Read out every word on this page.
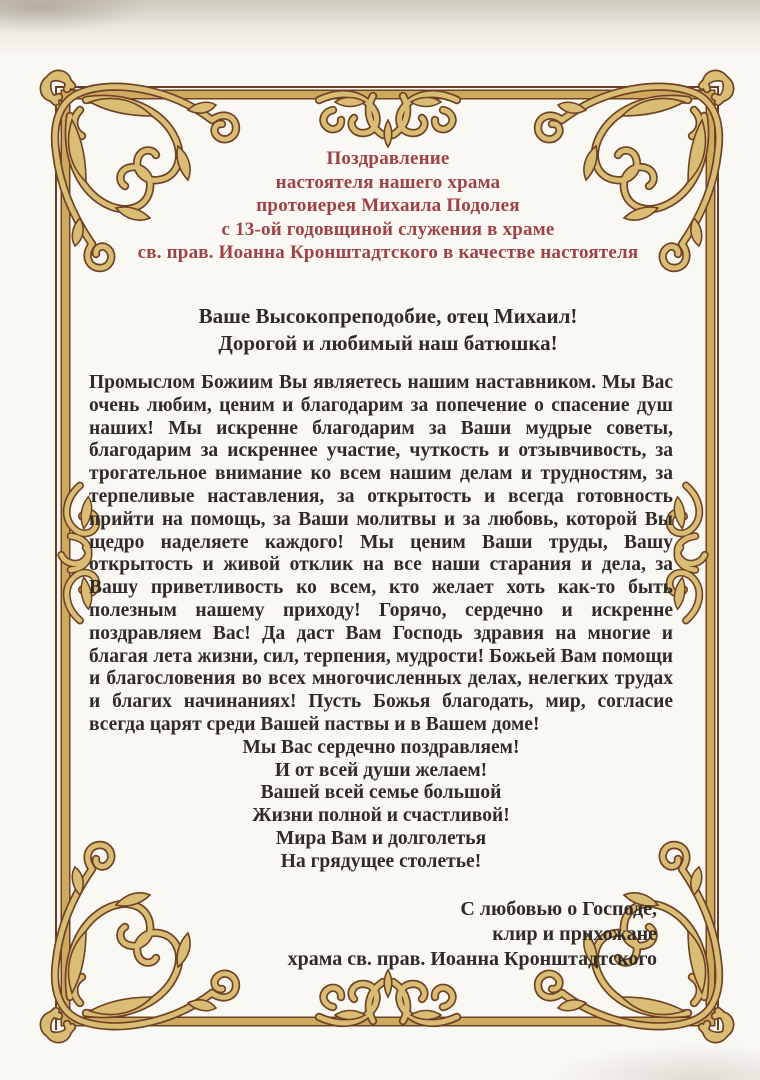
Поздравление
настоятеля нашего храма
протоиерея Михаила Подолея
с 13-ой годовщиной служения в храме
св. прав. Иоанна Кронштадтского в качестве настоятеля
Ваше Высокопреподобие, отец Михаил!
Дорогой и любимый наш батюшка!

Промыслом Божиим Вы являетесь нашим наставником. Мы Вас очень любим, ценим и благодарим за попечение о спасение душ наших! Мы искренне благодарим за Ваши мудрые советы, благодарим за искреннее участие, чуткость и отзывчивость, за трогательное внимание ко всем нашим делам и трудностям, за терпеливые наставления, за открытость и всегда готовность прийти на помощь, за Ваши молитвы и за любовь, которой Вы щедро наделяете каждого! Мы ценим Ваши труды, Вашу открытость и живой отклик на все наши старания и дела, за Вашу приветливость ко всем, кто желает хоть как-то быть полезным нашему приходу! Горячо, сердечно и искренне поздравляем Вас! Да даст Вам Господь здравия на многие и благая лета жизни, сил, терпения, мудрости! Божьей Вам помощи и благословения во всех многочисленных делах, нелегких трудах и благих начинаниях! Пусть Божья благодать, мир, согласие всегда царят среди Вашей паствы и в Вашем доме!

Мы Вас сердечно поздравляем!
И от всей души желаем!
Вашей всей семье большой
Жизни полной и счастливой!
Мира Вам и долголетья
На грядущее столетье!
С любовью о Господе,
клир и прихожане
храма св. прав. Иоанна Кронштадтского
